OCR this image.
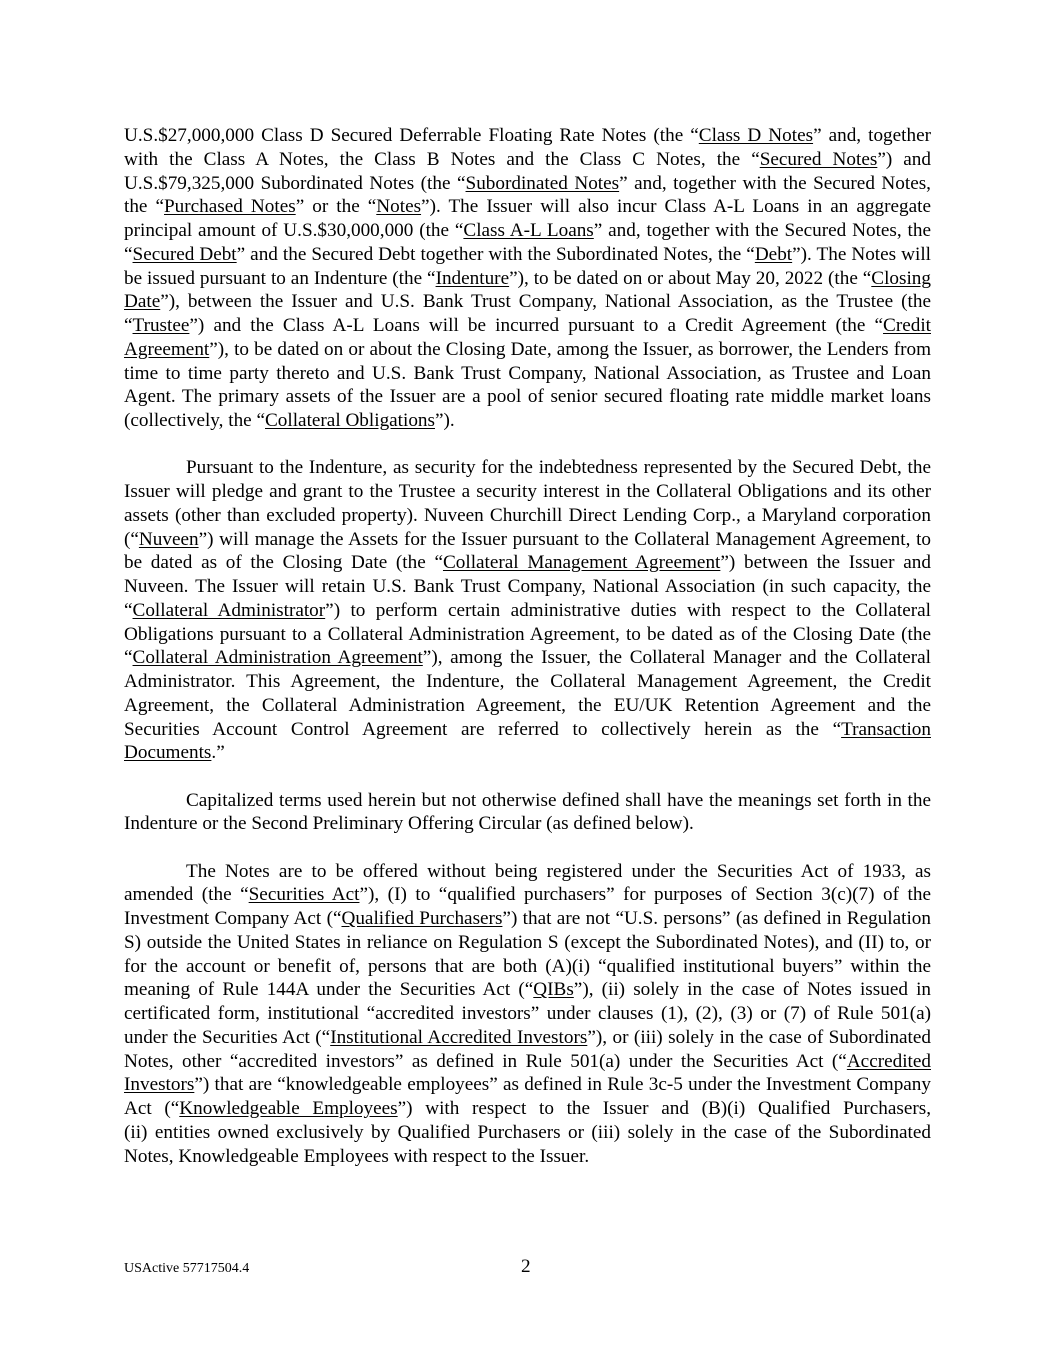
U.S.$27,000,000 Class D Secured Deferrable Floating Rate Notes (the “Class D Notes” and, together with the Class A Notes, the Class B Notes and the Class C Notes, the “Secured Notes”) and U.S.$79,325,000 Subordinated Notes (the “Subordinated Notes” and, together with the Secured Notes, the “Purchased Notes” or the “Notes”). The Issuer will also incur Class A-L Loans in an aggregate principal amount of U.S.$30,000,000 (the “Class A-L Loans” and, together with the Secured Notes, the “Secured Debt” and the Secured Debt together with the Subordinated Notes, the “Debt”). The Notes will be issued pursuant to an Indenture (the “Indenture”), to be dated on or about May 20, 2022 (the “Closing Date”), between the Issuer and U.S. Bank Trust Company, National Association, as the Trustee (the “Trustee”) and the Class A-L Loans will be incurred pursuant to a Credit Agreement (the “Credit Agreement”), to be dated on or about the Closing Date, among the Issuer, as borrower, the Lenders from time to time party thereto and U.S. Bank Trust Company, National Association, as Trustee and Loan Agent. The primary assets of the Issuer are a pool of senior secured floating rate middle market loans (collectively, the “Collateral Obligations”).

Pursuant to the Indenture, as security for the indebtedness represented by the Secured Debt, the Issuer will pledge and grant to the Trustee a security interest in the Collateral Obligations and its other assets (other than excluded property). Nuveen Churchill Direct Lending Corp., a Maryland corporation (“Nuveen”) will manage the Assets for the Issuer pursuant to the Collateral Management Agreement, to be dated as of the Closing Date (the “Collateral Management Agreement”) between the Issuer and Nuveen. The Issuer will retain U.S. Bank Trust Company, National Association (in such capacity, the “Collateral Administrator”) to perform certain administrative duties with respect to the Collateral Obligations pursuant to a Collateral Administration Agreement, to be dated as of the Closing Date (the “Collateral Administration Agreement”), among the Issuer, the Collateral Manager and the Collateral Administrator. This Agreement, the Indenture, the Collateral Management Agreement, the Credit Agreement, the Collateral Administration Agreement, the EU/UK Retention Agreement and the Securities Account Control Agreement are referred to collectively herein as the “Transaction Documents.”

Capitalized terms used herein but not otherwise defined shall have the meanings set forth in the Indenture or the Second Preliminary Offering Circular (as defined below).

The Notes are to be offered without being registered under the Securities Act of 1933, as amended (the “Securities Act”), (I) to “qualified purchasers” for purposes of Section 3(c)(7) of the Investment Company Act (“Qualified Purchasers”) that are not “U.S. persons” (as defined in Regulation S) outside the United States in reliance on Regulation S (except the Subordinated Notes), and (II) to, or for the account or benefit of, persons that are both (A)(i) “qualified institutional buyers” within the meaning of Rule 144A under the Securities Act (“QIBs”), (ii) solely in the case of Notes issued in certificated form, institutional “accredited investors” under clauses (1), (2), (3) or (7) of Rule 501(a) under the Securities Act (“Institutional Accredited Investors”), or (iii) solely in the case of Subordinated Notes, other “accredited investors” as defined in Rule 501(a) under the Securities Act (“Accredited Investors”) that are “knowledgeable employees” as defined in Rule 3c-5 under the Investment Company Act (“Knowledgeable Employees”) with respect to the Issuer and (B)(i) Qualified Purchasers, (ii) entities owned exclusively by Qualified Purchasers or (iii) solely in the case of the Subordinated Notes, Knowledgeable Employees with respect to the Issuer.

USActive 57717504.4	2
